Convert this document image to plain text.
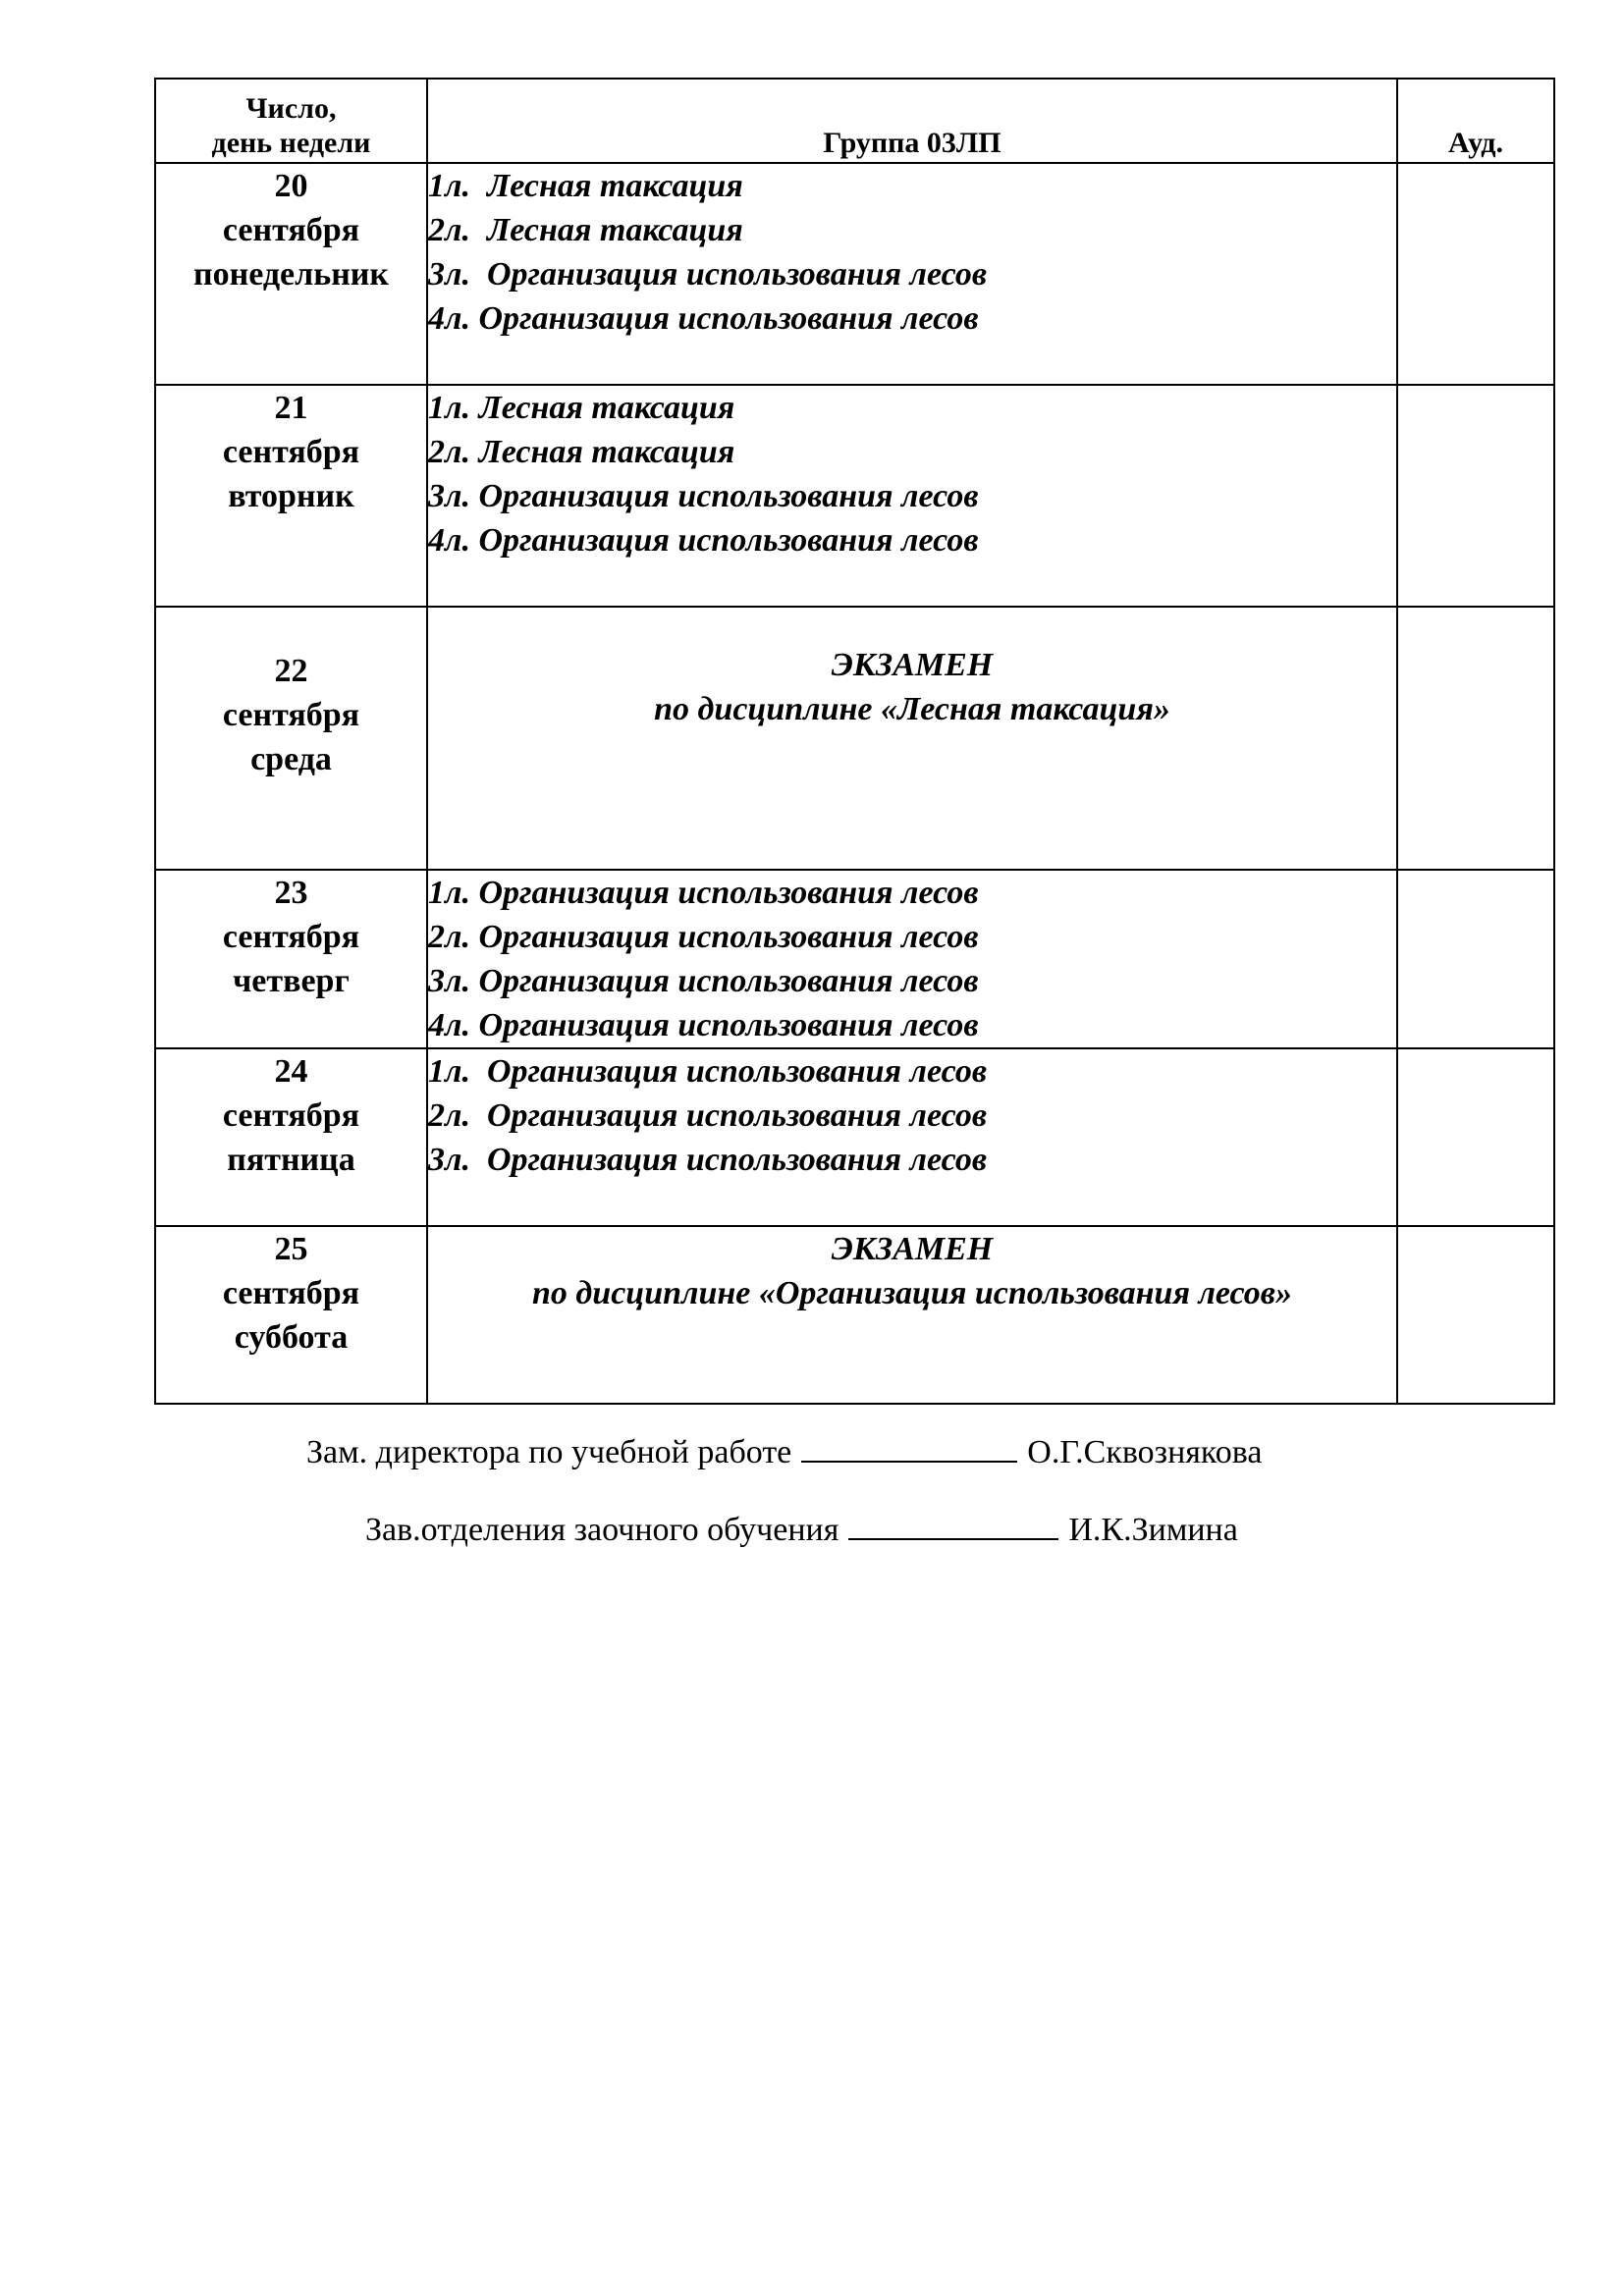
Число,
день недели	Группа 03ЛП	Ауд.
20
сентября
понедельник	1л.  Лесная таксация
2л.  Лесная таксация
3л.  Организация использования лесов
4л. Организация использования лесов	

21
сентября
вторник	1л. Лесная таксация
2л. Лесная таксация
3л. Организация использования лесов
4л. Организация использования лесов	

22
сентября
среда	ЭКЗАМЕН
по дисциплине «Лесная таксация»	

23
сентября
четверг	1л. Организация использования лесов
2л. Организация использования лесов
3л. Организация использования лесов
4л. Организация использования лесов	

24
сентября
пятница	1л.  Организация использования лесов
2л.  Организация использования лесов
3л.  Организация использования лесов	

25
сентября
суббота	ЭКЗАМЕН
по дисциплине «Организация использования лесов»	

Зам. директора по учебной работе	О.Г.Сквознякова
Зав.отделения заочного обучения	И.К.Зимина
